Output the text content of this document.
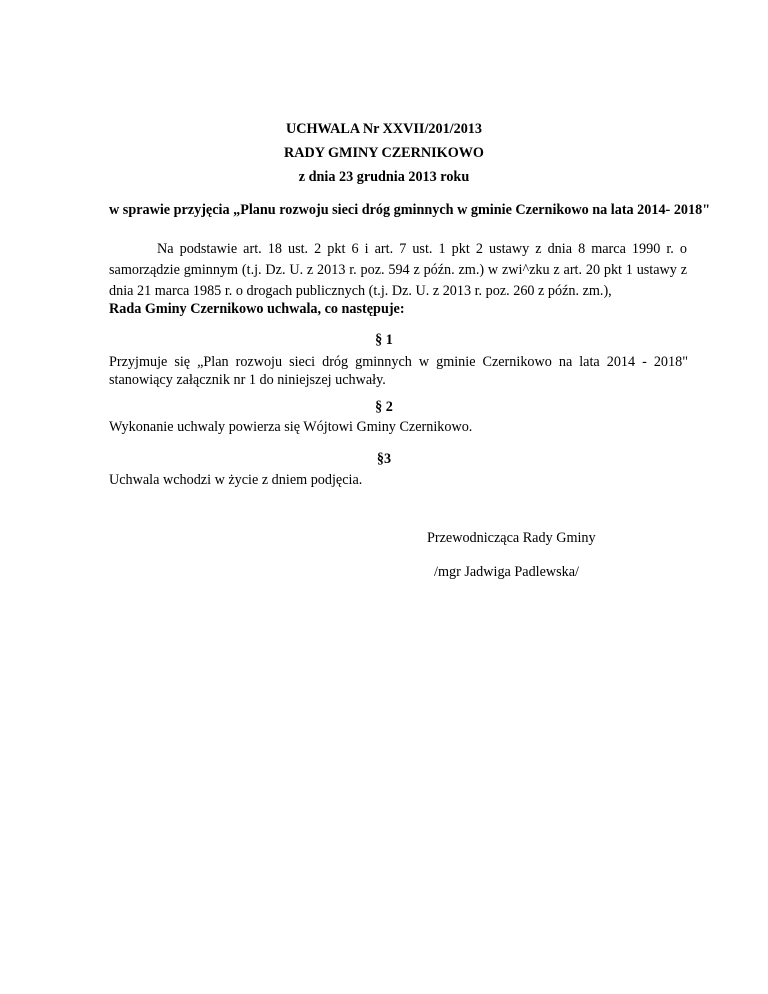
UCHWALA Nr XXVII/201/2013
RADY GMINY CZERNIKOWO
z dnia 23 grudnia 2013 roku
w sprawie przyjęcia „Planu rozwoju sieci dróg gminnych w gminie Czernikowo na lata 2014- 2018"
Na podstawie art. 18 ust. 2 pkt 6 i art. 7 ust. 1 pkt 2 ustawy z dnia 8 marca 1990 r. o samorządzie gminnym (t.j. Dz. U. z 2013 r. poz. 594 z późn. zm.) w zwi^zku z art. 20 pkt 1 ustawy z dnia 21 marca 1985 r. o drogach publicznych (t.j. Dz. U. z 2013 r. poz. 260 z późn. zm.),
Rada Gminy Czernikowo uchwala, co następuje:
§ 1
Przyjmuje się „Plan rozwoju sieci dróg gminnych w gminie Czernikowo na lata 2014 - 2018" stanowiący załącznik nr 1 do niniejszej uchwały.
§ 2
Wykonanie uchwaly powierza się Wójtowi Gminy Czernikowo.
§3
Uchwala wchodzi w życie z dniem podjęcia.
Przewodnicząca Rady Gminy
/mgr Jadwiga Padlewska/
